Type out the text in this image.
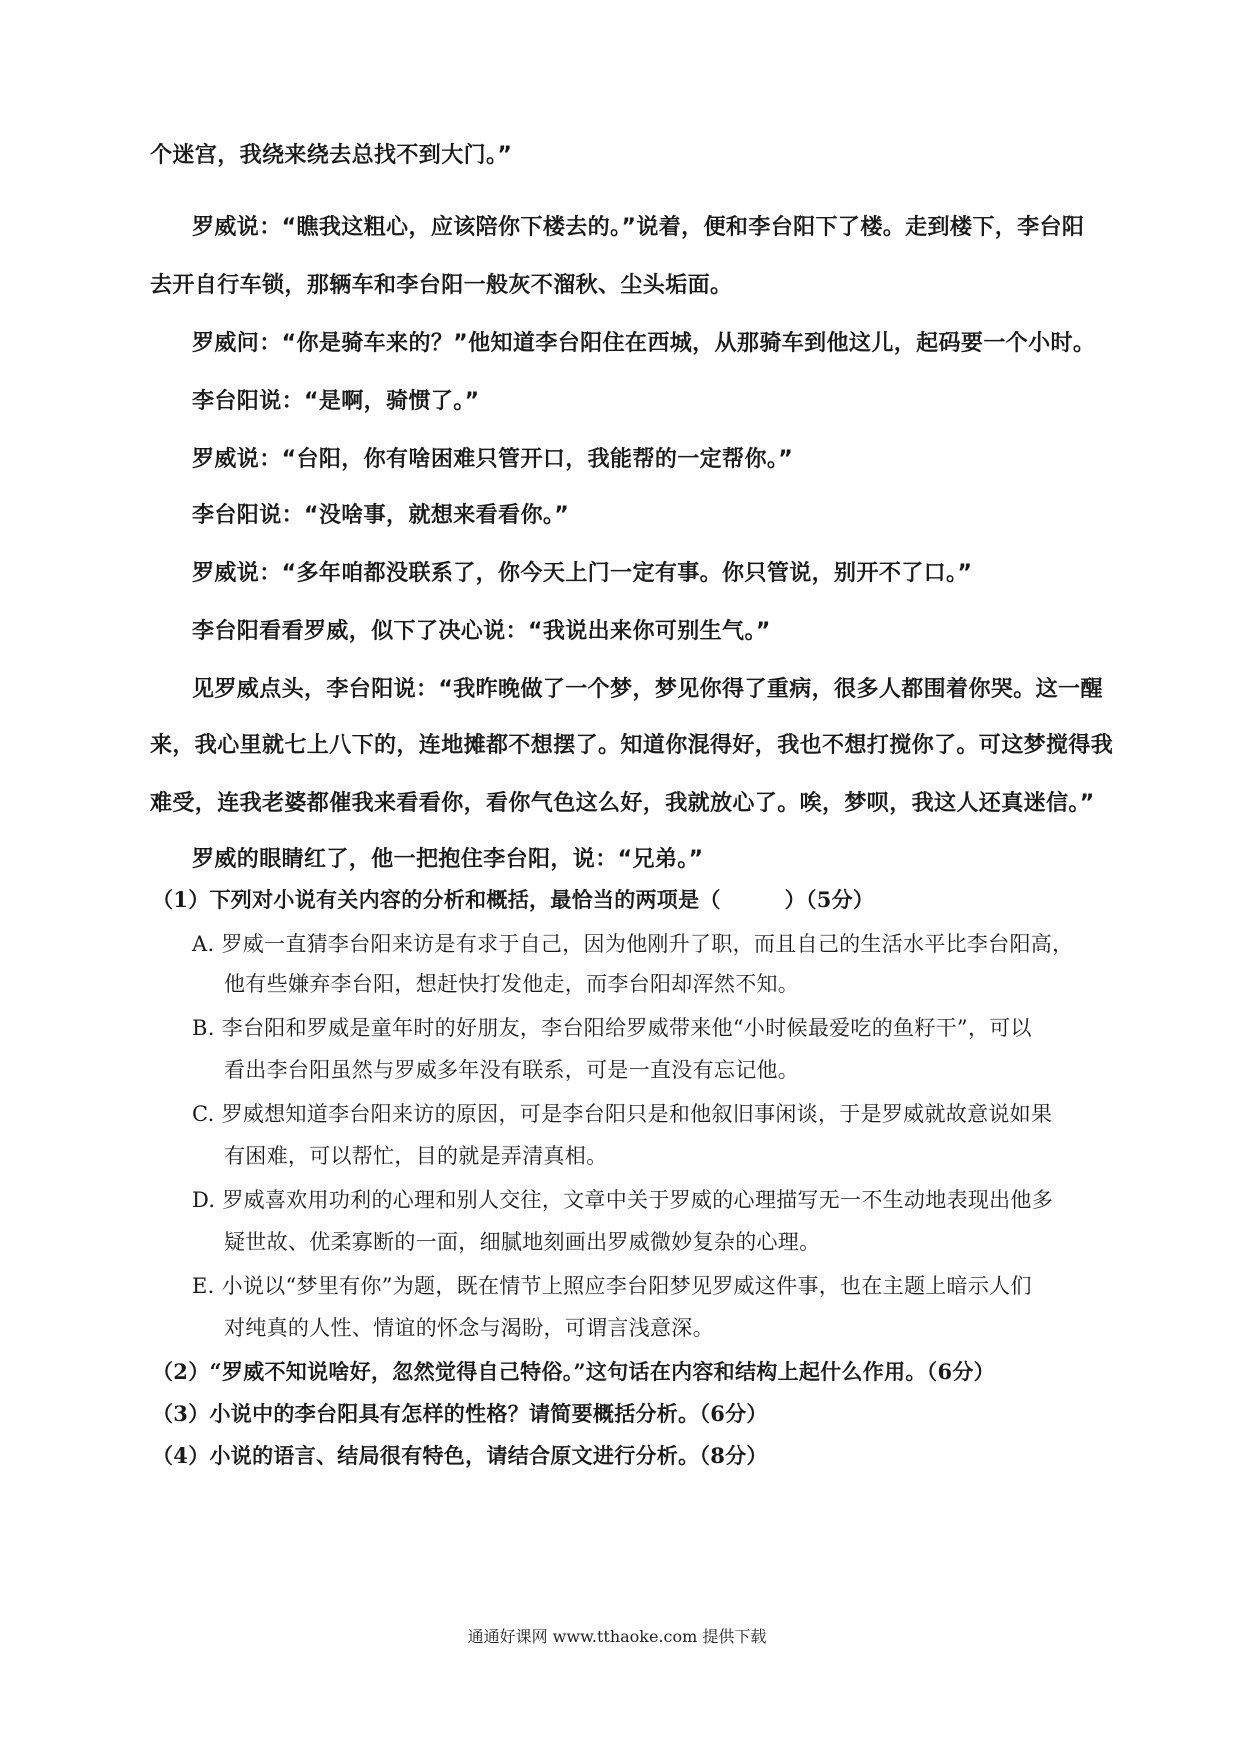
个迷宫，我绕来绕去总找不到大门。”
罗威说：“瞧我这粗心，应该陪你下楼去的。”说着，便和李台阳下了楼。走到楼下，李台阳
去开自行车锁，那辆车和李台阳一般灰不溜秋、尘头垢面。
罗威问：“你是骑车来的？”他知道李台阳住在西城，从那骑车到他这儿，起码要一个小时。
李台阳说：“是啊，骑惯了。”
罗威说：“台阳，你有啥困难只管开口，我能帮的一定帮你。”
李台阳说：“没啥事，就想来看看你。”
罗威说：“多年咱都没联系了，你今天上门一定有事。你只管说，别开不了口。”
李台阳看看罗威，似下了决心说：“我说出来你可别生气。”
见罗威点头，李台阳说：“我昨晚做了一个梦，梦见你得了重病，很多人都围着你哭。这一醒
来，我心里就七上八下的，连地摊都不想摆了。知道你混得好，我也不想打搅你了。可这梦搅得我
难受，连我老婆都催我来看看你，看你气色这么好，我就放心了。唉，梦呗，我这人还真迷信。”
罗威的眼睛红了，他一把抱住李台阳，说：“兄弟。”
（1）下列对小说有关内容的分析和概括，最恰当的两项是（　　　）（5分）
A. 罗威一直猜李台阳来访是有求于自己，因为他刚升了职，而且自己的生活水平比李台阳高，
他有些嫌弃李台阳，想赶快打发他走，而李台阳却浑然不知。
B. 李台阳和罗威是童年时的好朋友，李台阳给罗威带来他“小时候最爱吃的鱼籽干”，可以
看出李台阳虽然与罗威多年没有联系，可是一直没有忘记他。
C. 罗威想知道李台阳来访的原因，可是李台阳只是和他叙旧事闲谈，于是罗威就故意说如果
有困难，可以帮忙，目的就是弄清真相。
D. 罗威喜欢用功利的心理和别人交往，文章中关于罗威的心理描写无一不生动地表现出他多
疑世故、优柔寡断的一面，细腻地刻画出罗威微妙复杂的心理。
E. 小说以“梦里有你”为题，既在情节上照应李台阳梦见罗威这件事，也在主题上暗示人们
对纯真的人性、情谊的怀念与渴盼，可谓言浅意深。
（2）“罗威不知说啥好，忽然觉得自己特俗。”这句话在内容和结构上起什么作用。（6分）
（3）小说中的李台阳具有怎样的性格？请简要概括分析。（6分）
（4）小说的语言、结局很有特色，请结合原文进行分析。（8分）
通通好课网 www.tthaoke.com 提供下载
